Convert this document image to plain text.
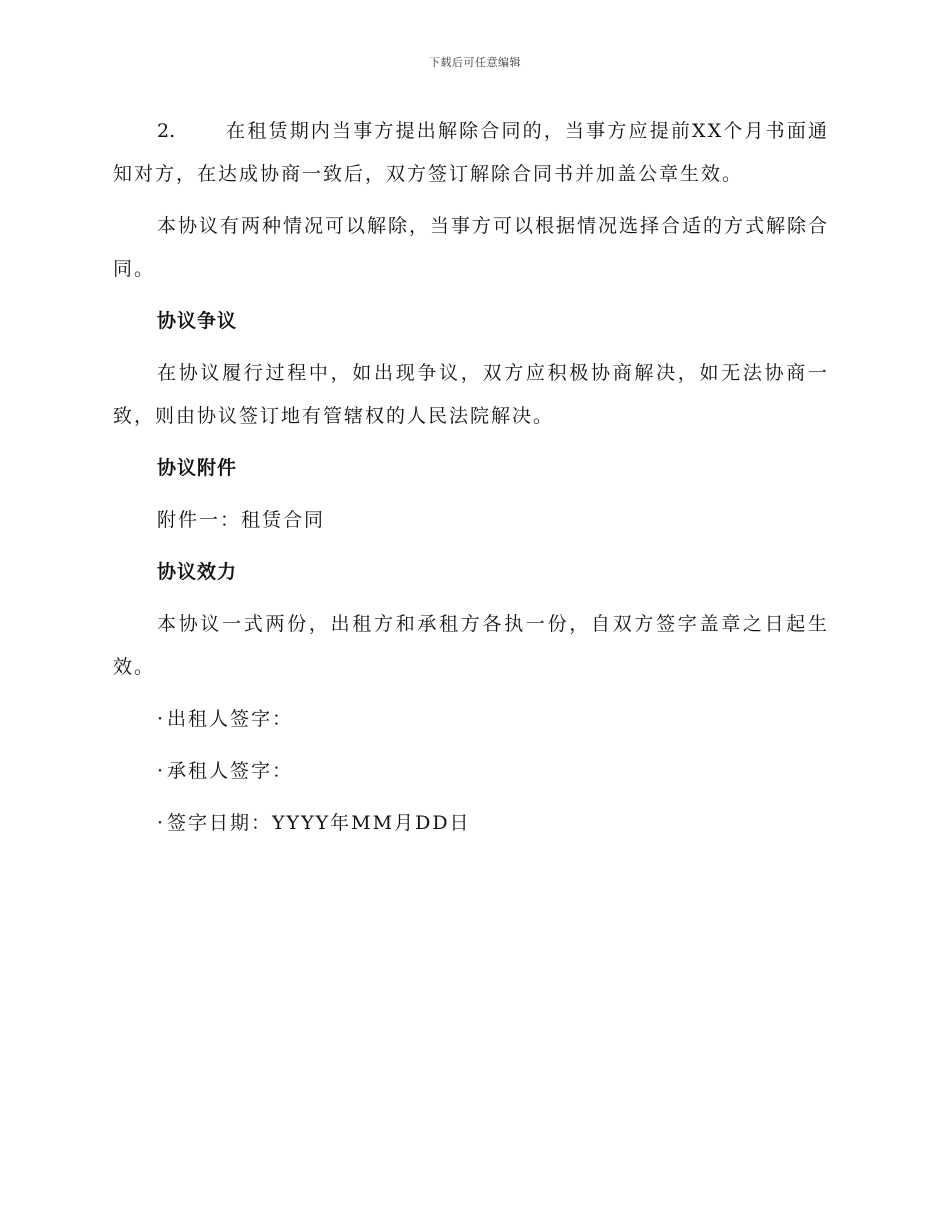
下载后可任意编辑

2.	在租赁期内当事方提出解除合同的，当事方应提前XX个月书面通知对方，在达成协商一致后，双方签订解除合同书并加盖公章生效。

本协议有两种情况可以解除，当事方可以根据情况选择合适的方式解除合同。

协议争议

在协议履行过程中，如出现争议，双方应积极协商解决，如无法协商一致，则由协议签订地有管辖权的人民法院解决。

协议附件

附件一：租赁合同

协议效力

本协议一式两份，出租方和承租方各执一份，自双方签字盖章之日起生效。

· 出租人签字：
· 承租人签字：
· 签字日期：YYYY年MM月DD日
